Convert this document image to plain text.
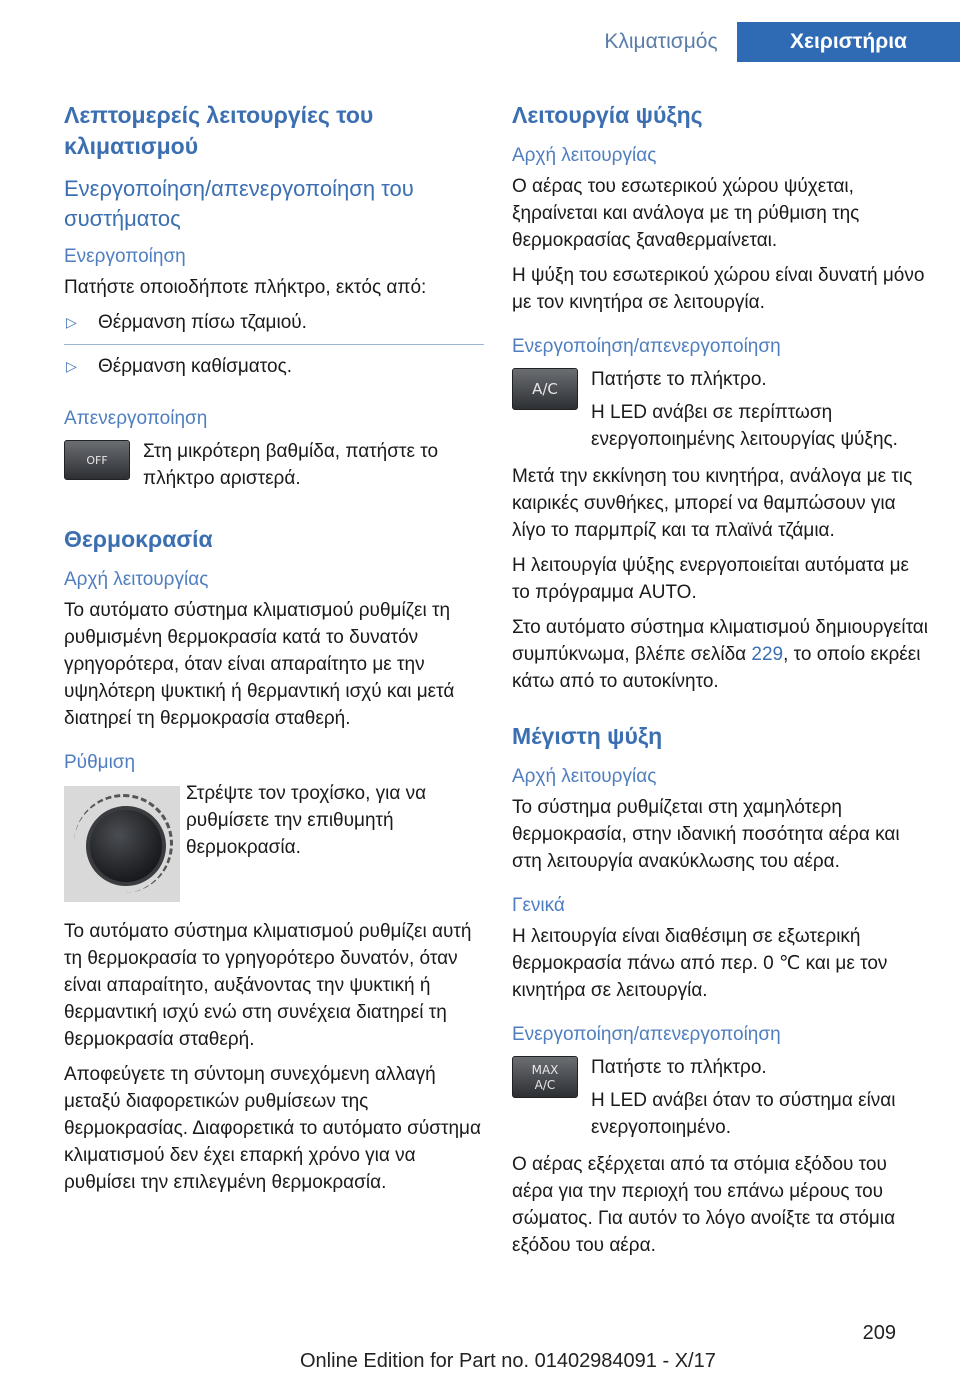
Κλιματισμός	Χειριστήρια
Λεπτομερείς λειτουργίες του κλιματισμού
Ενεργοποίηση/απενεργοποίηση του συστήματος
Ενεργοποίηση

Πατήστε οποιοδήποτε πλήκτρο, εκτός από:

▷ Θέρμανση πίσω τζαμιού.
▷ Θέρμανση καθίσματος.
Απενεργοποίηση
OFF	Στη μικρότερη βαθμίδα, πατήστε το πλήκτρο αριστερά.
Θερμοκρασία
Αρχή λειτουργίας

Το αυτόματο σύστημα κλιματισμού ρυθμίζει τη ρυθμισμένη θερμοκρασία κατά το δυνατόν γρηγορότερα, όταν είναι απαραίτητο με την υψηλότερη ψυκτική ή θερμαντική ισχύ και μετά διατηρεί τη θερμοκρασία σταθερή.

Ρύθμιση

Στρέψτε τον τροχίσκο, για να ρυθμίσετε την επιθυμητή θερμοκρασία.

Το αυτόματο σύστημα κλιματισμού ρυθμίζει αυτή τη θερμοκρασία το γρηγορότερο δυνατόν, όταν είναι απαραίτητο, αυξάνοντας την ψυκτική ή θερμαντική ισχύ ενώ στη συνέχεια διατηρεί τη θερμοκρασία σταθερή.

Αποφεύγετε τη σύντομη συνεχόμενη αλλαγή μεταξύ διαφορετικών ρυθμίσεων της θερμοκρασίας. Διαφορετικά το αυτόματο σύστημα κλιματισμού δεν έχει επαρκή χρόνο για να ρυθμίσει την επιλεγμένη θερμοκρασία.

Λειτουργία ψύξης
Αρχή λειτουργίας

Ο αέρας του εσωτερικού χώρου ψύχεται, ξηραίνεται και ανάλογα με τη ρύθμιση της θερμοκρασίας ξαναθερμαίνεται.

Η ψύξη του εσωτερικού χώρου είναι δυνατή μόνο με τον κινητήρα σε λειτουργία.

Ενεργοποίηση/απενεργοποίηση
A/C	Πατήστε το πλήκτρο.
Η LED ανάβει σε περίπτωση ενεργοποιημένης λειτουργίας ψύξης.

Μετά την εκκίνηση του κινητήρα, ανάλογα με τις καιρικές συνθήκες, μπορεί να θαμπώσουν για λίγο το παρμπρίζ και τα πλαϊνά τζάμια.

Η λειτουργία ψύξης ενεργοποιείται αυτόματα με το πρόγραμμα AUTO.

Στο αυτόματο σύστημα κλιματισμού δημιουργείται συμπύκνωμα, βλέπε σελίδα 229, το οποίο εκρέει κάτω από το αυτοκίνητο.

Μέγιστη ψύξη
Αρχή λειτουργίας

Το σύστημα ρυθμίζεται στη χαμηλότερη θερμοκρασία, στην ιδανική ποσότητα αέρα και στη λειτουργία ανακύκλωσης του αέρα.

Γενικά

Η λειτουργία είναι διαθέσιμη σε εξωτερική θερμοκρασία πάνω από περ. 0 ℃ και με τον κινητήρα σε λειτουργία.

Ενεργοποίηση/απενεργοποίηση
MAX
A/C
Πατήστε το πλήκτρο.
Η LED ανάβει όταν το σύστημα είναι ενεργοποιημένο.

Ο αέρας εξέρχεται από τα στόμια εξόδου του αέρα για την περιοχή του επάνω μέρους του σώματος. Για αυτόν το λόγο ανοίξτε τα στόμια εξόδου του αέρα.

209
Online Edition for Part no. 01402984091 - X/17
